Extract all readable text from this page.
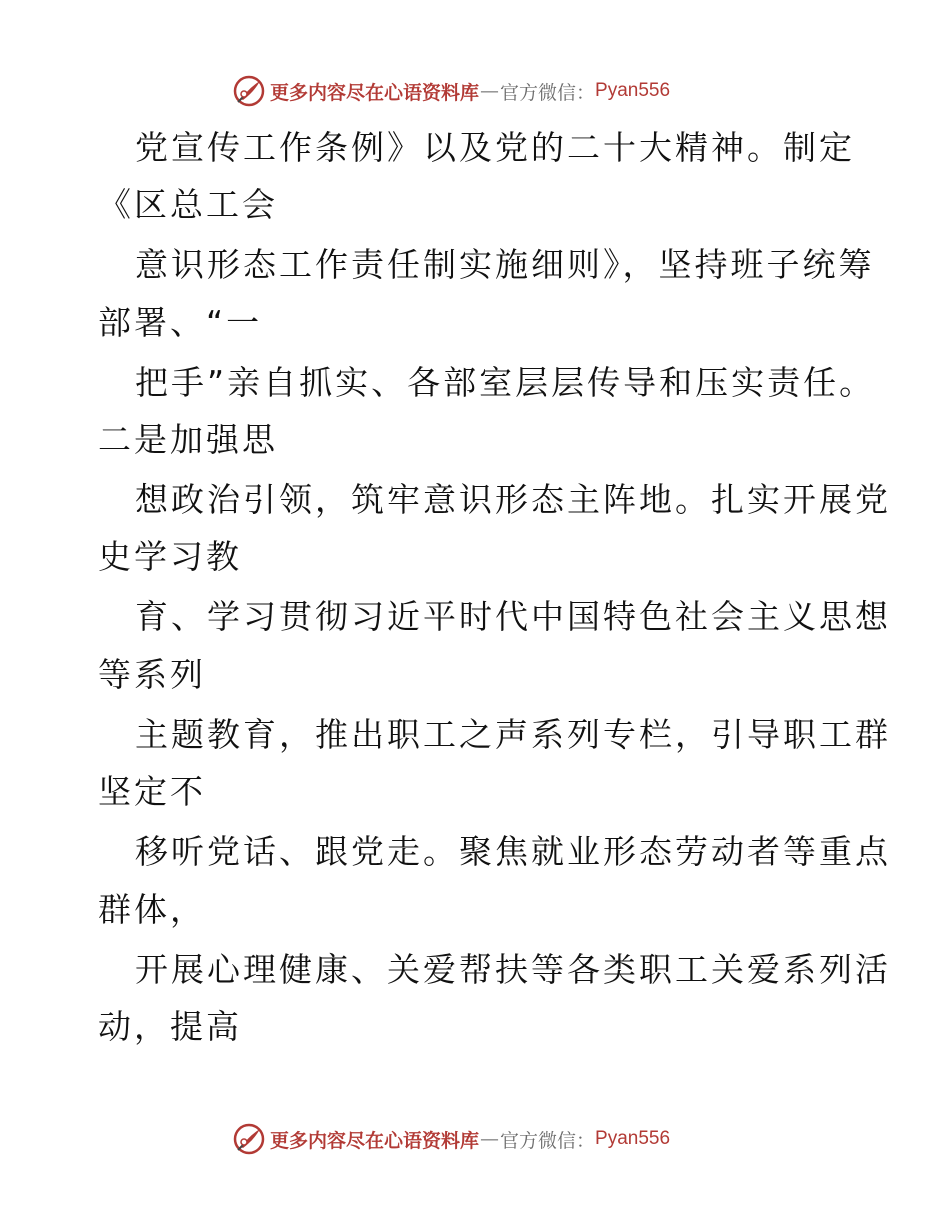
更多内容尽在心语资料库 — 官方微信： Pyan556
党宣传工作条例》以及党的二十大精神。制定
《区总工会
意识形态工作责任制实施细则》，坚持班子统筹
部署、“一
把手”亲自抓实、各部室层层传导和压实责任。
二是加强思
想政治引领，筑牢意识形态主阵地。扎实开展党
史学习教
育、学习贯彻习近平时代中国特色社会主义思想
等系列
主题教育，推出职工之声系列专栏，引导职工群
坚定不
移听党话、跟党走。聚焦就业形态劳动者等重点
群体，
开展心理健康、关爱帮扶等各类职工关爱系列活
动，提高
更多内容尽在心语资料库 — 官方微信： Pyan556
